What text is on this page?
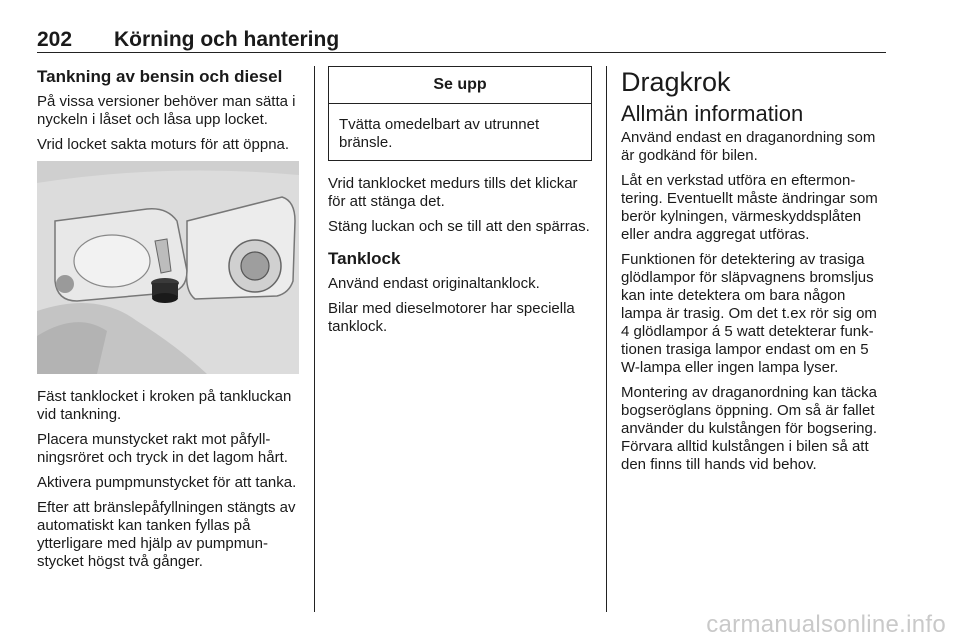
202 Körning och hantering
Tankning av bensin och diesel

På vissa versioner behöver man sätta i nyckeln i låset och låsa upp locket.

Vrid locket sakta moturs för att öppna.

Fäst tanklocket i kroken på tankluckan vid tankning.

Placera munstycket rakt mot påfyllningsröret och tryck in det lagom hårt.

Aktivera pumpmunstycket för att tanka.

Efter att bränslepåfyllningen stängts av automatiskt kan tanken fyllas på ytterligare med hjälp av pumpmunstycket högst två gånger.

Se upp
Tvätta omedelbart av utrunnet bränsle.

Vrid tanklocket medurs tills det klickar för att stänga det.

Stäng luckan och se till att den spärras.

Tanklock

Använd endast originaltanklock.

Bilar med dieselmotorer har speciella tanklock.

Dragkrok
Allmän information

Använd endast en draganordning som är godkänd för bilen.

Låt en verkstad utföra en eftermontering. Eventuellt måste ändringar som berör kylningen, värmeskyddsplåten eller andra aggregat utföras.

Funktionen för detektering av trasiga glödlampor för släpvagnens bromsljus kan inte detektera om bara någon lampa är trasig. Om det t.ex rör sig om 4 glödlampor á 5 watt detekterar funktionen trasiga lampor endast om en 5 W-lampa eller ingen lampa lyser.

Montering av draganordning kan täcka bogseröglans öppning. Om så är fallet använder du kulstången för bogsering. Förvara alltid kulstången i bilen så att den finns till hands vid behov.

carmanualsonline.info
